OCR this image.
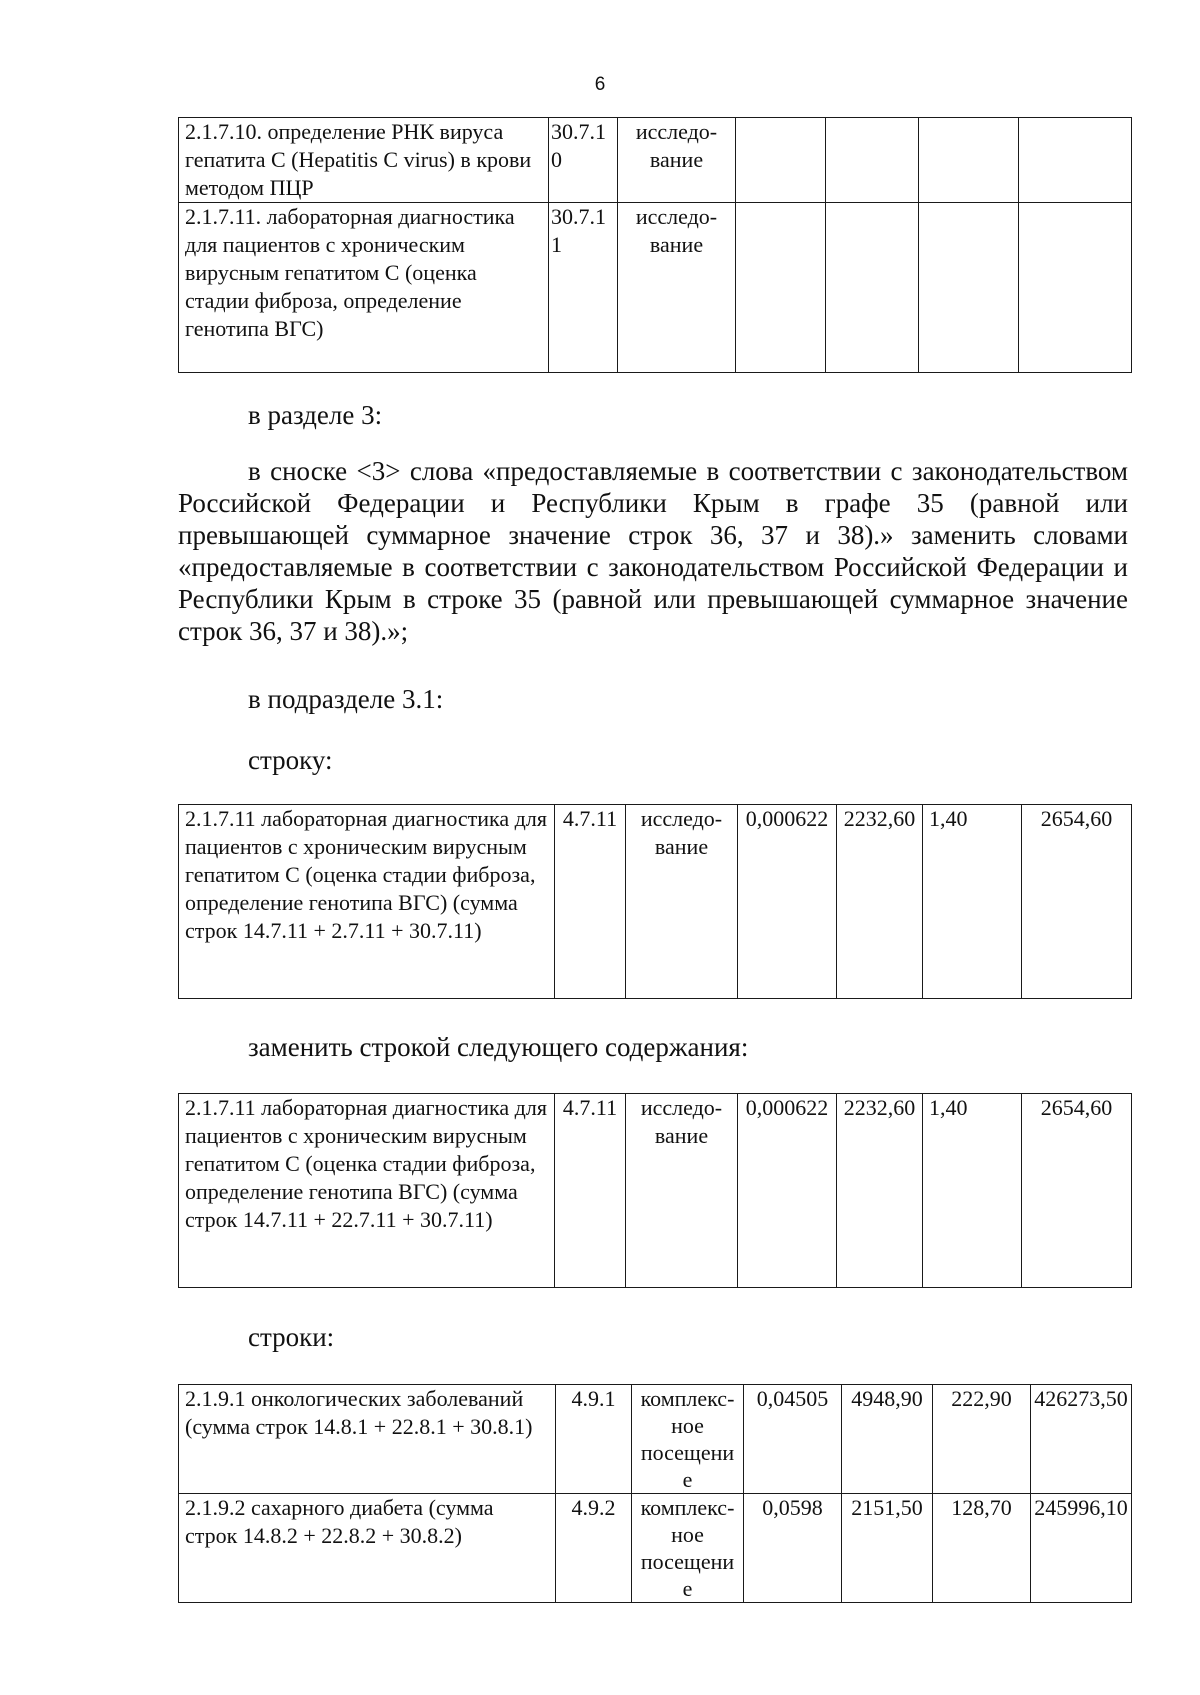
6
2.1.7.10. определение РНК вируса гепатита С (Hepatitis С virus) в крови методом ПЦР	30.7.10	исследо-вание				
2.1.7.11. лабораторная диагностика для пациентов с хроническим вирусным гепатитом С (оценка стадии фиброза, определение генотипа ВГС)	30.7.11	исследо-вание				
в разделе 3:

в сноске <3> слова «предоставляемые в соответствии с законодательством Российской Федерации и Республики Крым в графе 35 (равной или превышающей суммарное значение строк 36, 37 и 38).» заменить словами «предоставляемые в соответствии с законодательством Российской Федерации и Республики Крым в строке 35 (равной или превышающей суммарное значение строк 36, 37 и 38).»;

в подразделе 3.1:
строку:
2.1.7.11 лабораторная диагностика для пациентов с хроническим вирусным гепатитом С (оценка стадии фиброза, определение генотипа ВГС) (сумма строк 14.7.11 + 2.7.11 + 30.7.11)	4.7.11	исследо-вание	0,000622	2232,60	1,40	2654,60
заменить строкой следующего содержания:
2.1.7.11 лабораторная диагностика для пациентов с хроническим вирусным гепатитом С (оценка стадии фиброза, определение генотипа ВГС) (сумма строк 14.7.11 + 22.7.11 + 30.7.11)	4.7.11	исследо-вание	0,000622	2232,60	1,40	2654,60
строки:
2.1.9.1 онкологических заболеваний (сумма строк 14.8.1 + 22.8.1 + 30.8.1)	4.9.1	комплекс-ное посещение	0,04505	4948,90	222,90	426273,50
2.1.9.2 сахарного диабета (сумма строк 14.8.2 + 22.8.2 + 30.8.2)	4.9.2	комплекс-ное посещение	0,0598	2151,50	128,70	245996,10
